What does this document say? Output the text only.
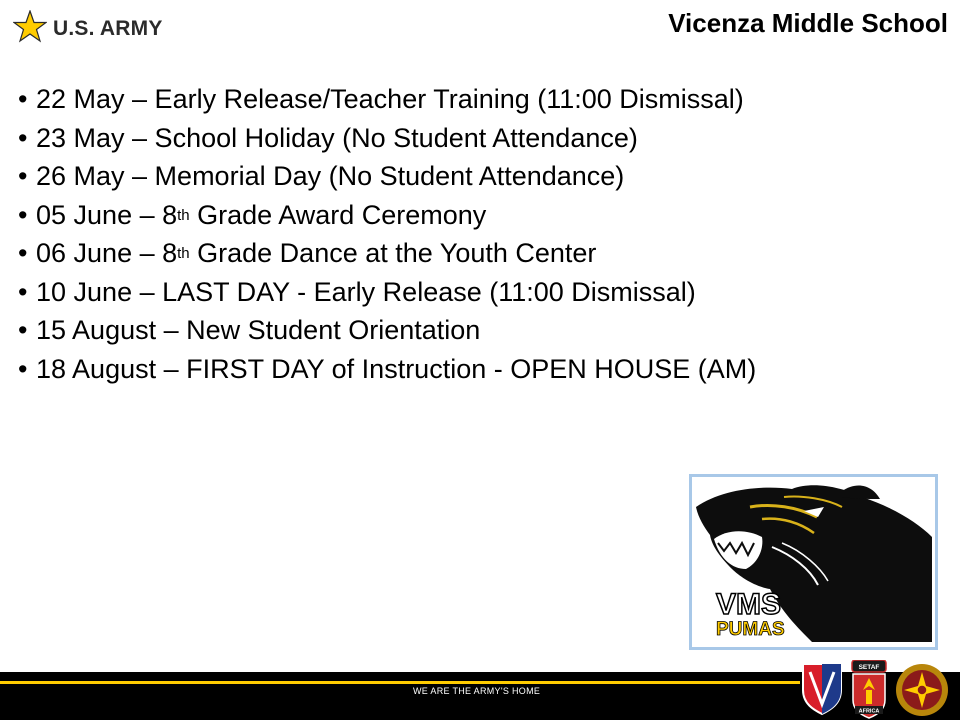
U.S. ARMY	Vicenza Middle School
• 22 May – Early Release/Teacher Training (11:00 Dismissal)
• 23 May – School Holiday (No Student Attendance)
• 26 May – Memorial Day (No Student Attendance)
• 05 June – 8th Grade Award Ceremony
• 06 June – 8th Grade Dance at the Youth Center
• 10 June – LAST DAY - Early Release (11:00 Dismissal)
• 15 August – New Student Orientation
• 18 August – FIRST DAY of Instruction - OPEN HOUSE (AM)
VMS
PUMAS
WE ARE THE ARMY'S HOME
SETAF
AFRICA
